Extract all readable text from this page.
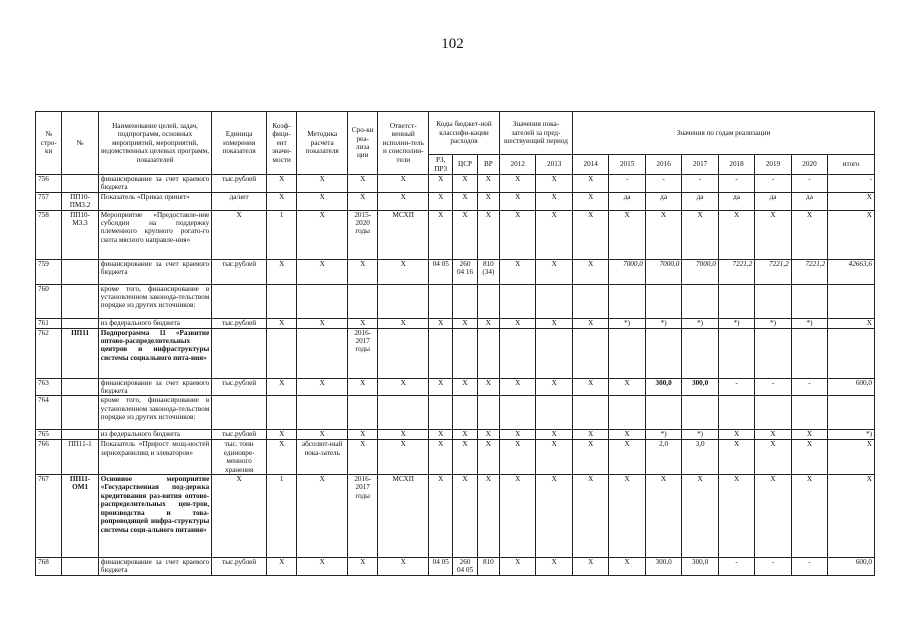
102
№ стро-ки	№	Наименование целей, задач, подпрограмм, основных мероприятий, мероприятий, ведомственных целевых программ, показателей	Единица измерения показателя	Коэф-фици-ент значи-мости	Методика расчета показателя	Сро-ки реа-лиза ции	Ответст-венный исполни-тель и соисполни-тели	Коды бюджет-ной классифи-кации расходов			Значения пока-зателей за пред-шествующий период		Значения по годам реализации							
								РЗ, ПР3	ЦСР	ВР	2012	2013	2014	2015	2016	2017	2018	2019	2020	итого
756		финансирование за счет краевого бюджета	тыс.рублей	Х	Х	Х	Х	Х	Х	Х	Х	Х	Х	-	-	-	-	-	-	-
757	ПП10-ПМ3.2	Показатель «Приказ принят»	да/нет	Х	Х	Х	Х	Х	Х	Х	Х	Х	Х	да	да	да	да	да	да	Х
758	ПП10-М3.3	Мероприятие «Предоставле-ние субсидии на поддержку племенного крупного рогато-го скота мясного направле-ния»	Х	1	Х	2015-2020 годы	МСХП	Х	Х	Х	Х	Х	Х	Х	Х	Х	Х	Х	Х	Х
759		финансирование за счет краевого бюджета	тыс.рублей	Х	Х	Х	Х	04 05	260 04 16	810 (34)	Х	Х	Х	7000,0	7000,0	7000,0	7221,2	7221,2	7221,2	42663,6
760		кроме того, финансирование в установленном законода-тельством порядке из других источников:																		
761		из федерального бюджета	тыс.рублей	Х	Х	Х	Х	Х	Х	Х	Х	Х	Х	*)	*)	*)	*)	*)	*)	Х
762	ПП11	Подпрограмма 11 «Развитие оптово-распределительных центров и инфраструктуры системы социального пита-ния»				2016-2017 годы														
763		финансирование за счет краевого бюджета	тыс.рублей	Х	Х	Х	Х	Х	Х	Х	Х	Х	Х	Х	300,0	300,0	-	-	-	600,0
764		кроме того, финансирование в установленном законода-тельством порядке из других источников:																		
765		из федерального бюджета	тыс.рублей	Х	Х	Х	Х	Х	Х	Х	Х	Х	Х	Х	*)	*)	Х	Х	Х	*)
766	ПП11-1	Показатель «Прирост мощ-ностей зернохранилищ и элеваторов»	тыс. тонн единовре-менного хранения	Х	абсолют-ный пока-затель	Х	Х	Х	Х	Х	Х	Х	Х	Х	2,0	3,0	Х	Х	Х	Х
767	ПП11-ОМ1	Основное мероприятие «Государственная под-держка кредитования раз-вития оптово-распределительных цен-тров, производства и това-ропроводящей инфра-структуры системы соци-ального питания»	Х	1	Х	2016-2017 годы	МСХП	Х	Х	Х	Х	Х	Х	Х	Х	Х	Х	Х	Х	Х
768		финансирование за счет краевого бюджета	тыс.рублей	Х	Х	Х	Х	04 05	260 04 05	810	Х	Х	Х	Х	300,0	300,0	-	-	-	600,0
